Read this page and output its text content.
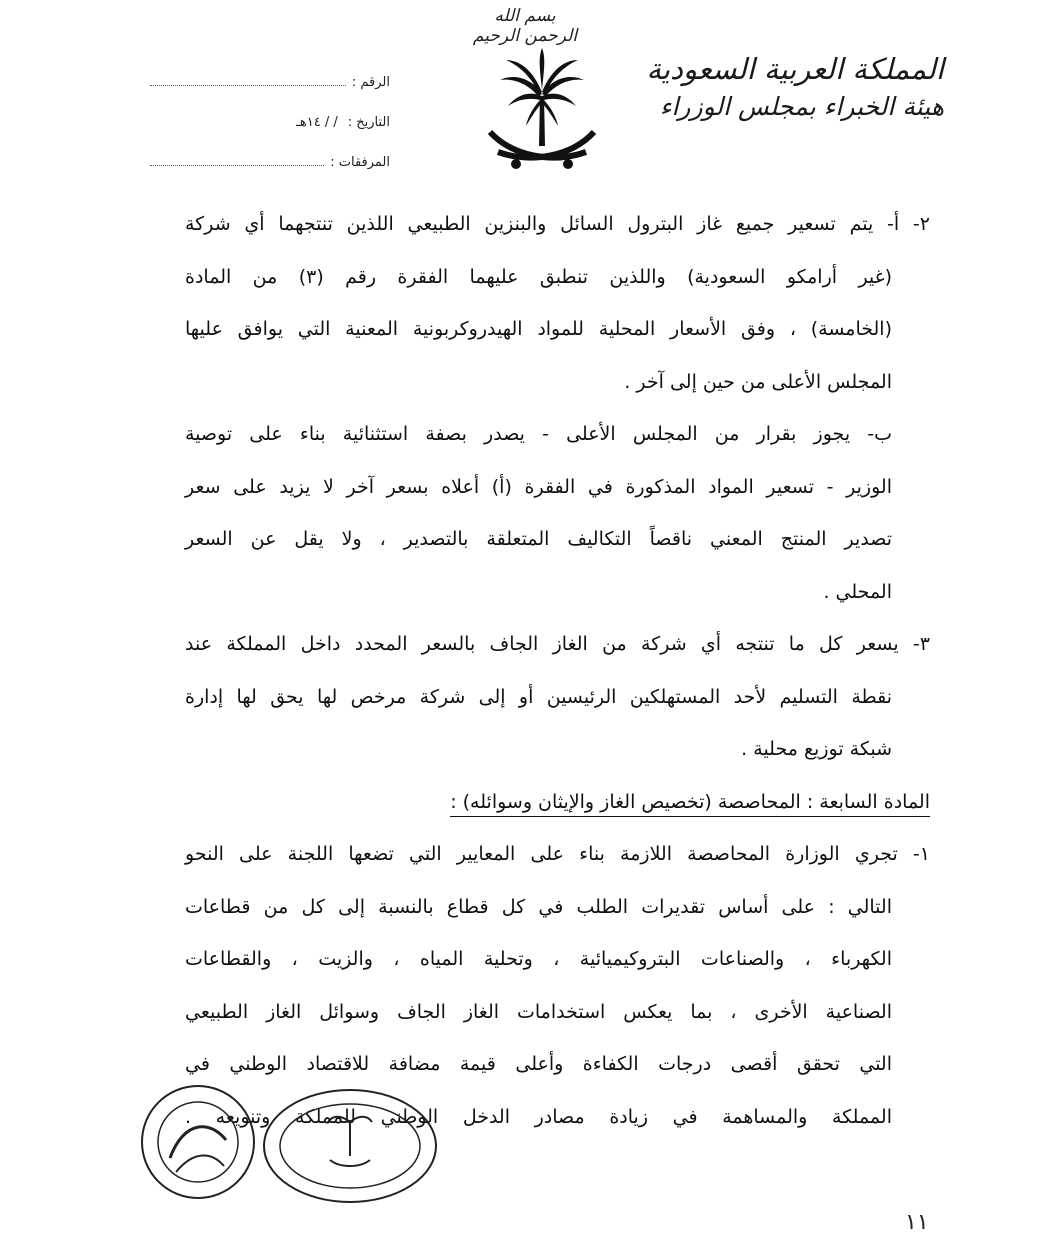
بسم الله الرحمن الرحيم
المملكة العربية السعودية
هيئة الخبراء بمجلس الوزراء
الرقم :
التاريخ :
/ / ١٤هـ
المرفقات :
٢- أ- يتم تسعير جميع غاز البترول السائل والبنزين الطبيعي اللذين تنتجهما أي شركة
(غير أرامكو السعودية) واللذين تنطبق عليهما الفقرة رقم (٣) من المادة
(الخامسة) ، وفق الأسعار المحلية للمواد الهيدروكربونية المعنية التي يوافق عليها
المجلس الأعلى من حين إلى آخر .
ب- يجوز بقرار من المجلس الأعلى - يصدر بصفة استثنائية بناء على توصية
الوزير - تسعير المواد المذكورة في الفقرة (أ) أعلاه بسعر آخر لا يزيد على سعر
تصدير المنتج المعني ناقصاً التكاليف المتعلقة بالتصدير ، ولا يقل عن السعر
المحلي .
٣- يسعر كل ما تنتجه أي شركة من الغاز الجاف بالسعر المحدد داخل المملكة عند
نقطة التسليم لأحد المستهلكين الرئيسين أو إلى شركة مرخص لها يحق لها إدارة
شبكة توزيع محلية .
المادة السابعة : المحاصصة (تخصيص الغاز والإيثان وسوائله) :
١- تجري الوزارة المحاصصة اللازمة بناء على المعايير التي تضعها اللجنة على النحو
التالي : على أساس تقديرات الطلب في كل قطاع بالنسبة إلى كل من قطاعات
الكهرباء ، والصناعات البتروكيميائية ، وتحلية المياه ، والزيت ، والقطاعات
الصناعية الأخرى ، بما يعكس استخدامات الغاز الجاف وسوائل الغاز الطبيعي
التي تحقق أقصى درجات الكفاءة وأعلى قيمة مضافة للاقتصاد الوطني في
المملكة والمساهمة في زيادة مصادر الدخل الوطني للمملكة وتنويعه .
١١
